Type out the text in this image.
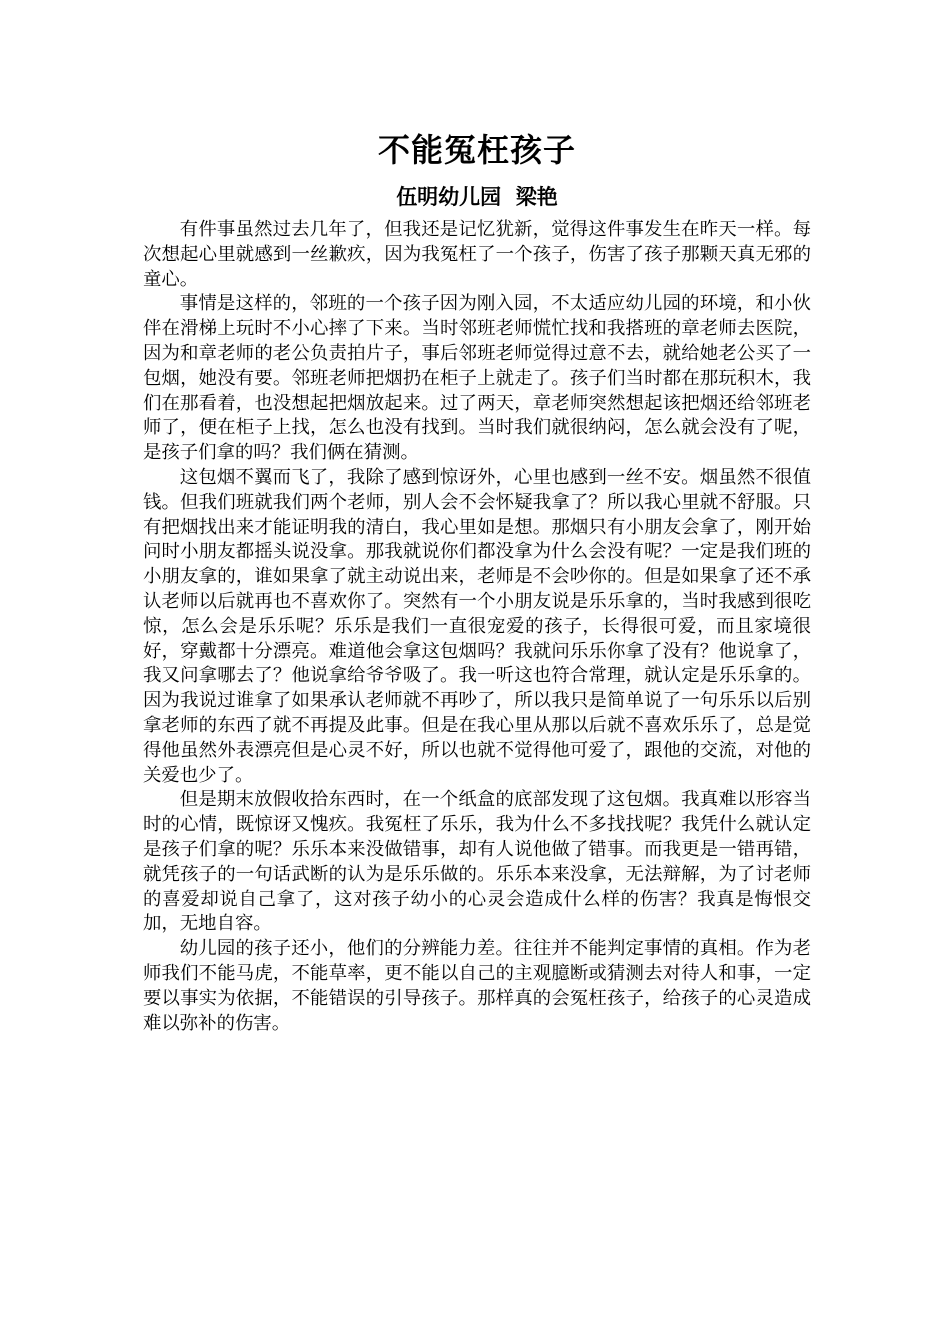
不能冤枉孩子
伍明幼儿园  梁艳

有件事虽然过去几年了，但我还是记忆犹新，觉得这件事发生在昨天一样。每次想起心里就感到一丝歉疚，因为我冤枉了一个孩子，伤害了孩子那颗天真无邪的童心。

事情是这样的，邻班的一个孩子因为刚入园，不太适应幼儿园的环境，和小伙伴在滑梯上玩时不小心摔了下来。当时邻班老师慌忙找和我搭班的章老师去医院，因为和章老师的老公负责拍片子，事后邻班老师觉得过意不去，就给她老公买了一包烟，她没有要。邻班老师把烟扔在柜子上就走了。孩子们当时都在那玩积木，我们在那看着，也没想起把烟放起来。过了两天，章老师突然想起该把烟还给邻班老师了，便在柜子上找，怎么也没有找到。当时我们就很纳闷，怎么就会没有了呢，是孩子们拿的吗？我们俩在猜测。

这包烟不翼而飞了，我除了感到惊讶外，心里也感到一丝不安。烟虽然不很值钱。但我们班就我们两个老师，别人会不会怀疑我拿了？所以我心里就不舒服。只有把烟找出来才能证明我的清白，我心里如是想。那烟只有小朋友会拿了，刚开始问时小朋友都摇头说没拿。那我就说你们都没拿为什么会没有呢？一定是我们班的小朋友拿的，谁如果拿了就主动说出来，老师是不会吵你的。但是如果拿了还不承认老师以后就再也不喜欢你了。突然有一个小朋友说是乐乐拿的，当时我感到很吃惊，怎么会是乐乐呢？乐乐是我们一直很宠爱的孩子，长得很可爱，而且家境很好，穿戴都十分漂亮。难道他会拿这包烟吗？我就问乐乐你拿了没有？他说拿了，我又问拿哪去了？他说拿给爷爷吸了。我一听这也符合常理，就认定是乐乐拿的。因为我说过谁拿了如果承认老师就不再吵了，所以我只是简单说了一句乐乐以后别拿老师的东西了就不再提及此事。但是在我心里从那以后就不喜欢乐乐了，总是觉得他虽然外表漂亮但是心灵不好，所以也就不觉得他可爱了，跟他的交流，对他的关爱也少了。

但是期末放假收拾东西时，在一个纸盒的底部发现了这包烟。我真难以形容当时的心情，既惊讶又愧疚。我冤枉了乐乐，我为什么不多找找呢？我凭什么就认定是孩子们拿的呢？乐乐本来没做错事，却有人说他做了错事。而我更是一错再错，就凭孩子的一句话武断的认为是乐乐做的。乐乐本来没拿，无法辩解，为了讨老师的喜爱却说自己拿了，这对孩子幼小的心灵会造成什么样的伤害？我真是悔恨交加，无地自容。

幼儿园的孩子还小，他们的分辨能力差。往往并不能判定事情的真相。作为老师我们不能马虎，不能草率，更不能以自己的主观臆断或猜测去对待人和事，一定要以事实为依据，不能错误的引导孩子。那样真的会冤枉孩子，给孩子的心灵造成难以弥补的伤害。
